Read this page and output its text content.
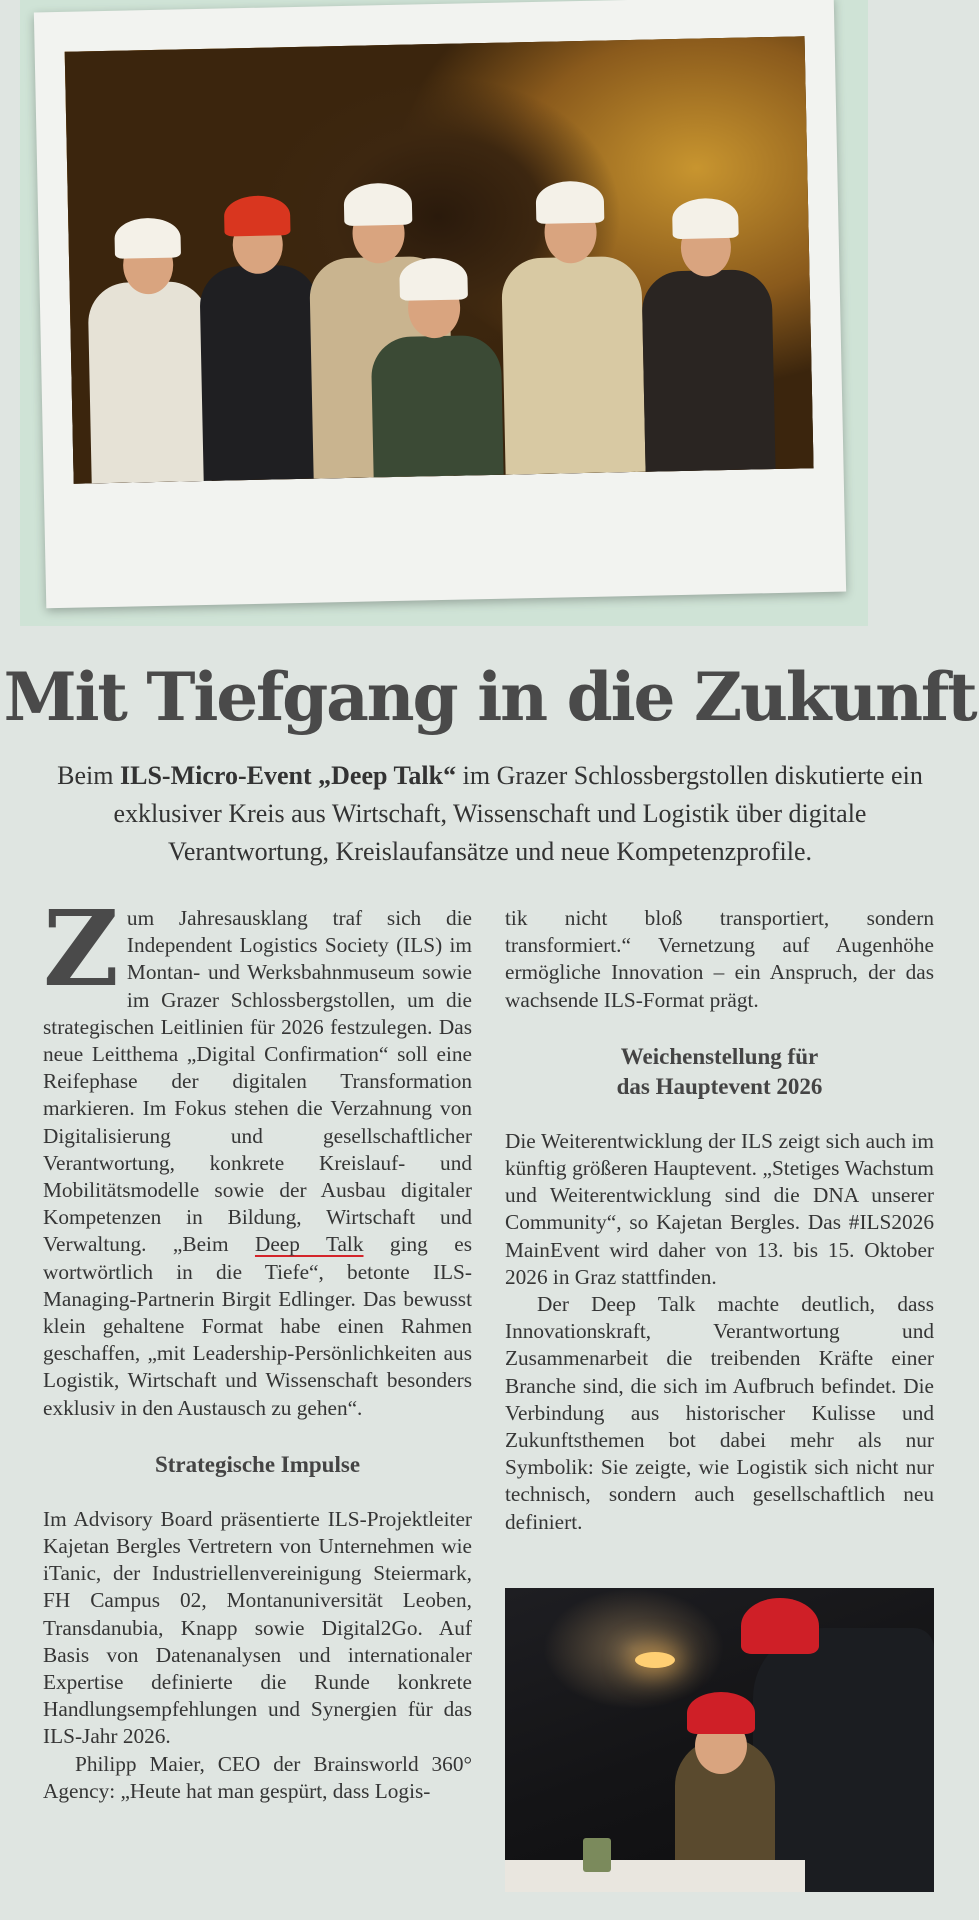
Mit Tiefgang in die Zukunft

Beim ILS-Micro-Event „Deep Talk“ im Grazer Schlossbergstollen diskutierte ein exklusiver Kreis aus Wirtschaft, Wissenschaft und Logistik über digitale Verantwortung, Kreislaufansätze und neue Kompetenzprofile.

Zum Jahresausklang traf sich die Independent Logistics Society (ILS) im Montan- und Werksbahnmuseum sowie im Grazer Schlossbergstollen, um die strategischen Leitlinien für 2026 festzulegen. Das neue Leitthema „Digital Confirmation“ soll eine Reifephase der digitalen Transformation markieren. Im Fokus stehen die Verzahnung von Digitalisierung und gesellschaftlicher Verantwortung, konkrete Kreislauf- und Mobilitätsmodelle sowie der Ausbau digitaler Kompetenzen in Bildung, Wirtschaft und Verwaltung. „Beim Deep Talk ging es wortwörtlich in die Tiefe“, betonte ILS-Managing-Partnerin Birgit Edlinger. Das bewusst klein gehaltene Format habe einen Rahmen geschaffen, „mit Leadership-Persönlichkeiten aus Logistik, Wirtschaft und Wissenschaft besonders exklusiv in den Austausch zu gehen“.

Strategische Impulse

Im Advisory Board präsentierte ILS-Projektleiter Kajetan Bergles Vertretern von Unternehmen wie iTanic, der Industriellenvereinigung Steiermark, FH Campus 02, Montanuniversität Leoben, Transdanubia, Knapp sowie Digital2Go. Auf Basis von Datenanalysen und internationaler Expertise definierte die Runde konkrete Handlungsempfehlungen und Synergien für das ILS-Jahr 2026.

Philipp Maier, CEO der Brainsworld 360° Agency: „Heute hat man gespürt, dass Logis-

tik nicht bloß transportiert, sondern transformiert.“ Vernetzung auf Augenhöhe ermögliche Innovation – ein Anspruch, der das wachsende ILS-Format prägt.

Weichenstellung für
das Hauptevent 2026

Die Weiterentwicklung der ILS zeigt sich auch im künftig größeren Hauptevent. „Stetiges Wachstum und Weiterentwicklung sind die DNA unserer Community“, so Kajetan Bergles. Das #ILS2026 MainEvent wird daher von 13. bis 15. Oktober 2026 in Graz stattfinden.

Der Deep Talk machte deutlich, dass Innovationskraft, Verantwortung und Zusammenarbeit die treibenden Kräfte einer Branche sind, die sich im Aufbruch befindet. Die Verbindung aus historischer Kulisse und Zukunftsthemen bot dabei mehr als nur Symbolik: Sie zeigte, wie Logistik sich nicht nur technisch, sondern auch gesellschaftlich neu definiert.
